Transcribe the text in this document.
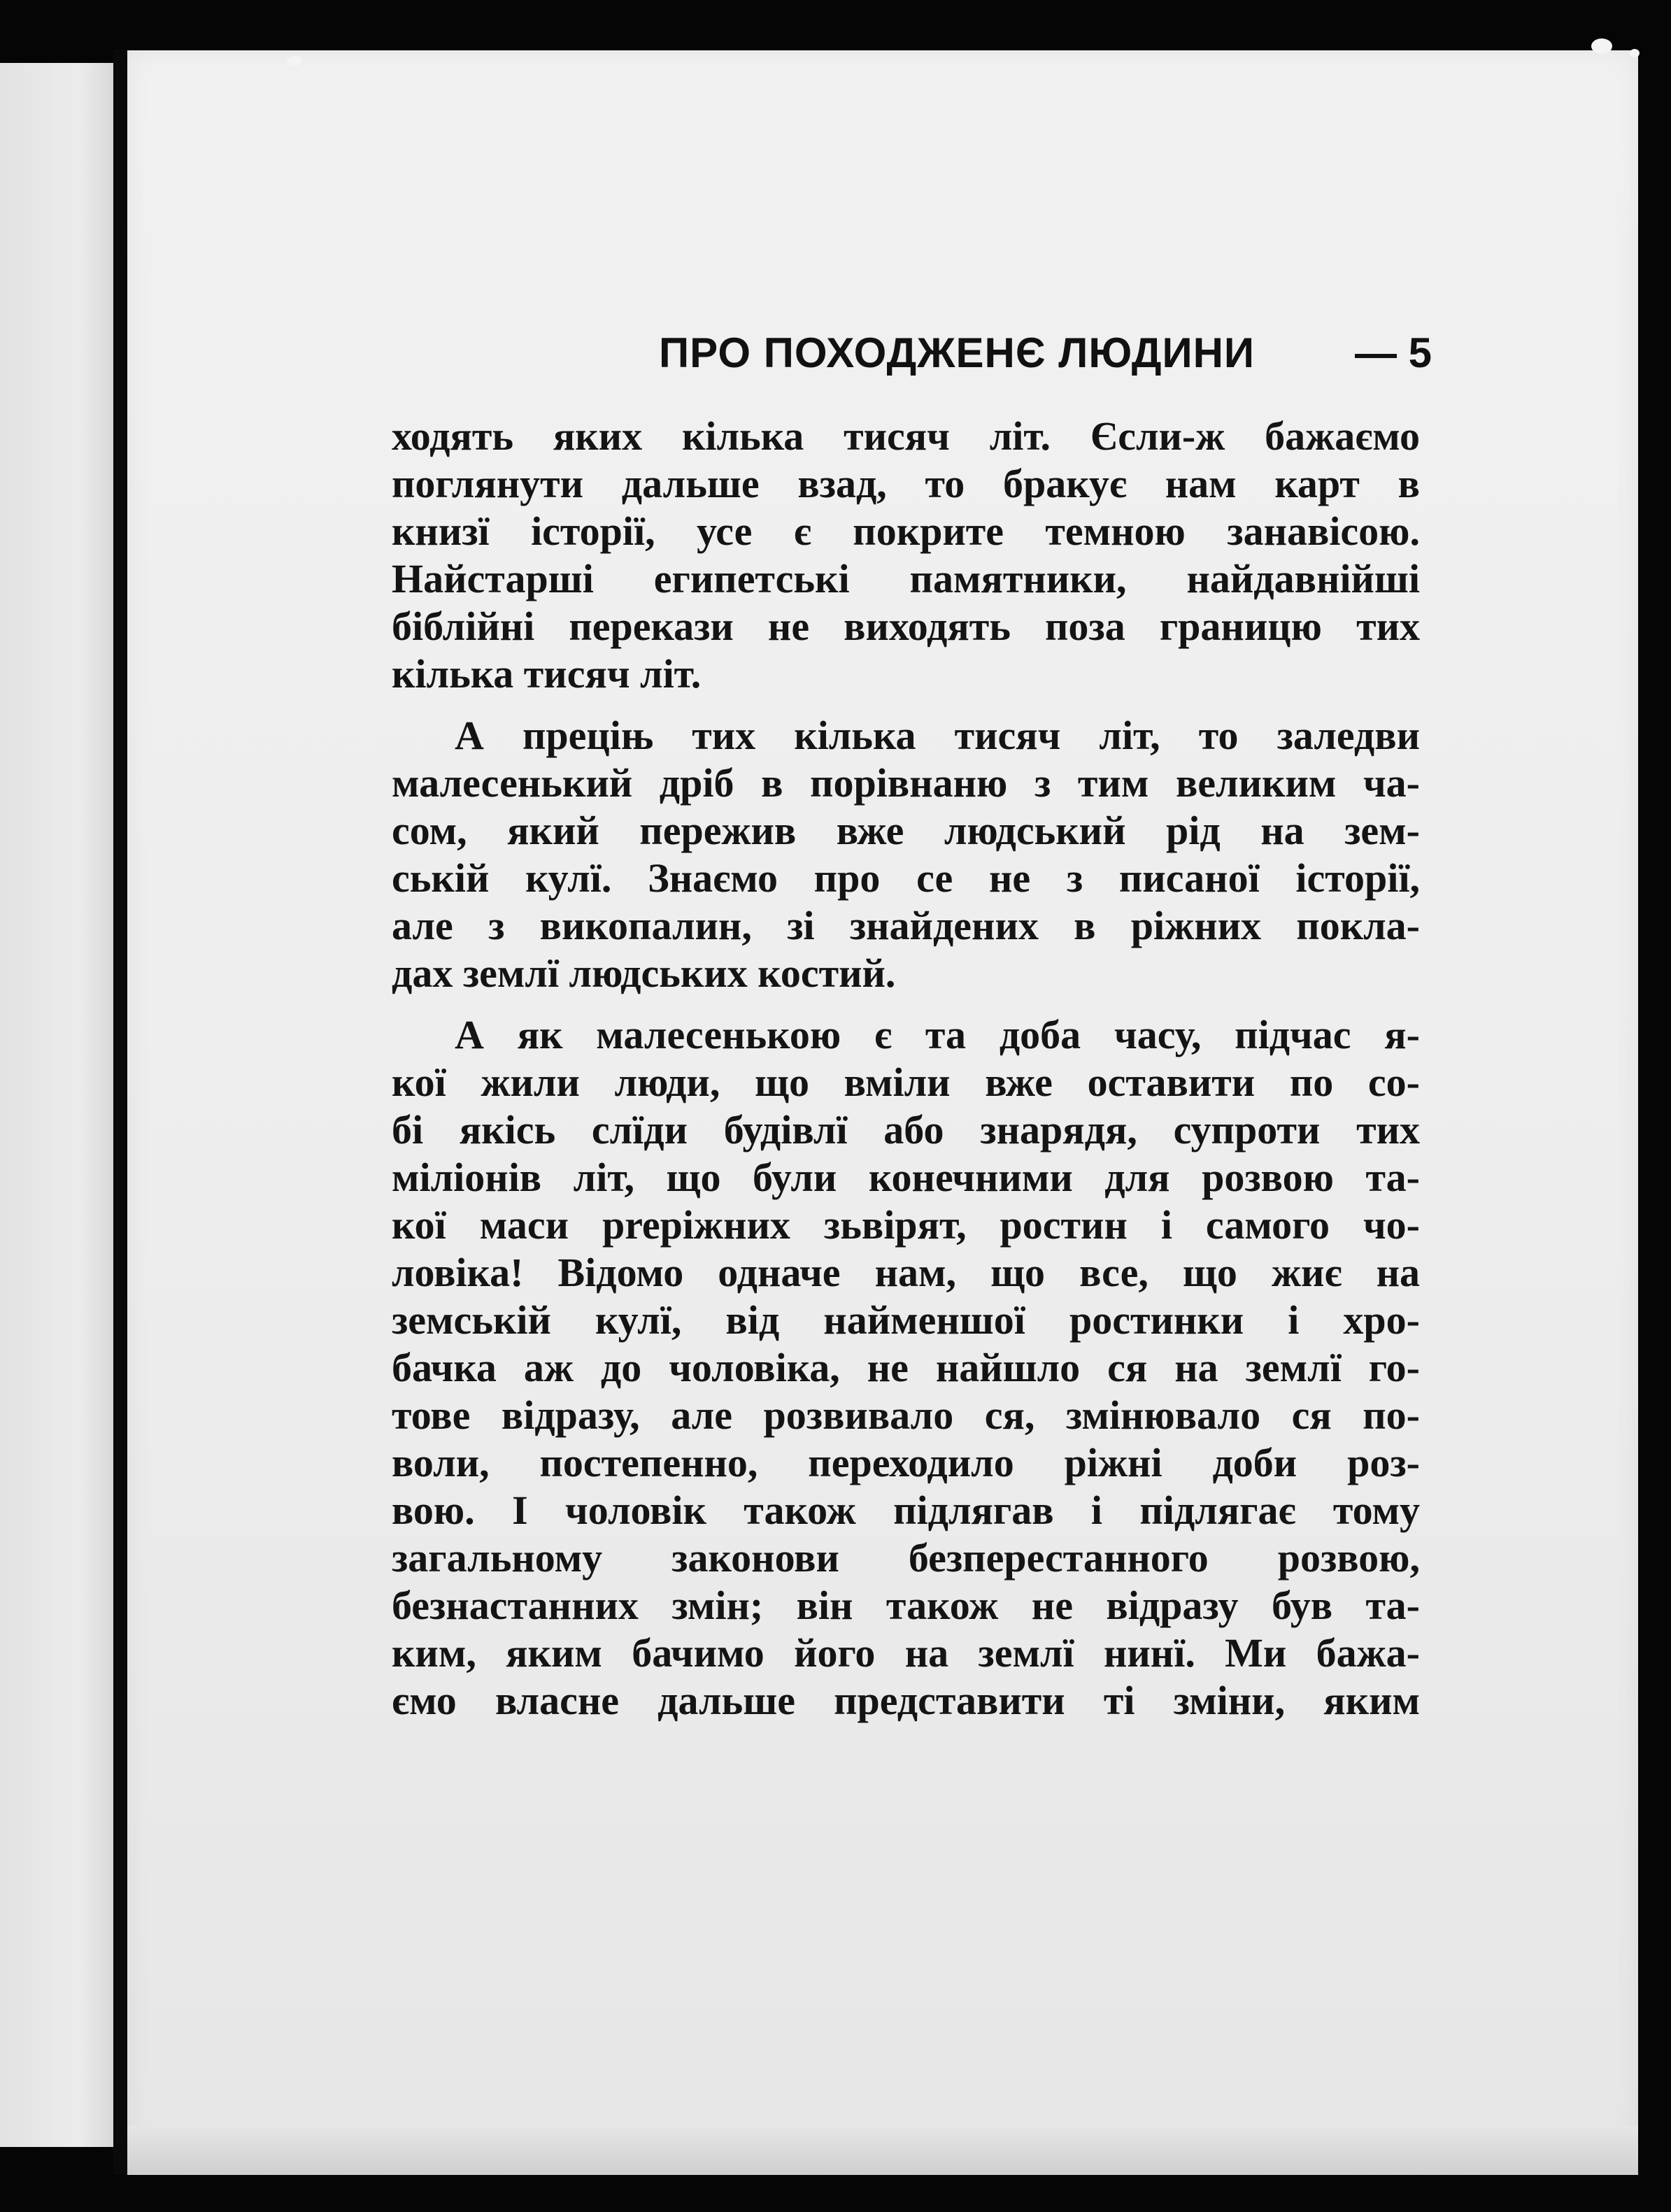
ПРО ПОХОДЖЕНЄ ЛЮДИНИ — 5
ходять яких кілька тисяч літ. Єсли-ж бажаємо
поглянути дальше взад, то бракує нам карт в
книзї історії, усе є покрите темною занавісою.
Найстарші египетські памятники, найдавнійші
біблійні перекази не виходять поза границю тих
кілька тисяч літ.
А преціњ тих кілька тисяч літ, то заледви
малесенький дріб в порівнаню з тим великим ча-
сом, який пережив вже людський рід на зем-
ській кулї. Знаємо про се не з писаної історії,
але з викопалин, зі знайдених в ріжних поклa-
дах землї людських костий.
А як малесенькою є та доба часу, підчас я-
кої жили люди, що вміли вже оставити по со-
бі якісь слїди будівлї або знарядя, супроти тих
міліонів літ, що були конечними для розвою та-
кої маси preріжних зьвірят, ростин і самого чо-
ловіка! Відомо одначе нам, що все, що жиє на
земській кулї, від найменшої ростинки і хро-
бачка аж до чоловіка, не найшло ся на землї го-
тове відразу, але розвивало ся, змінювало ся по-
воли, постепенно, переходило ріжні доби роз-
вою. І чоловік також підлягав і підлягає тому
загальному законови безперестанного розвою,
безнастанних змін; він також не відразу був та-
ким, яким бачимо його на землї нинї. Ми бажа-
ємо власне дальше представити ті зміни, яким
